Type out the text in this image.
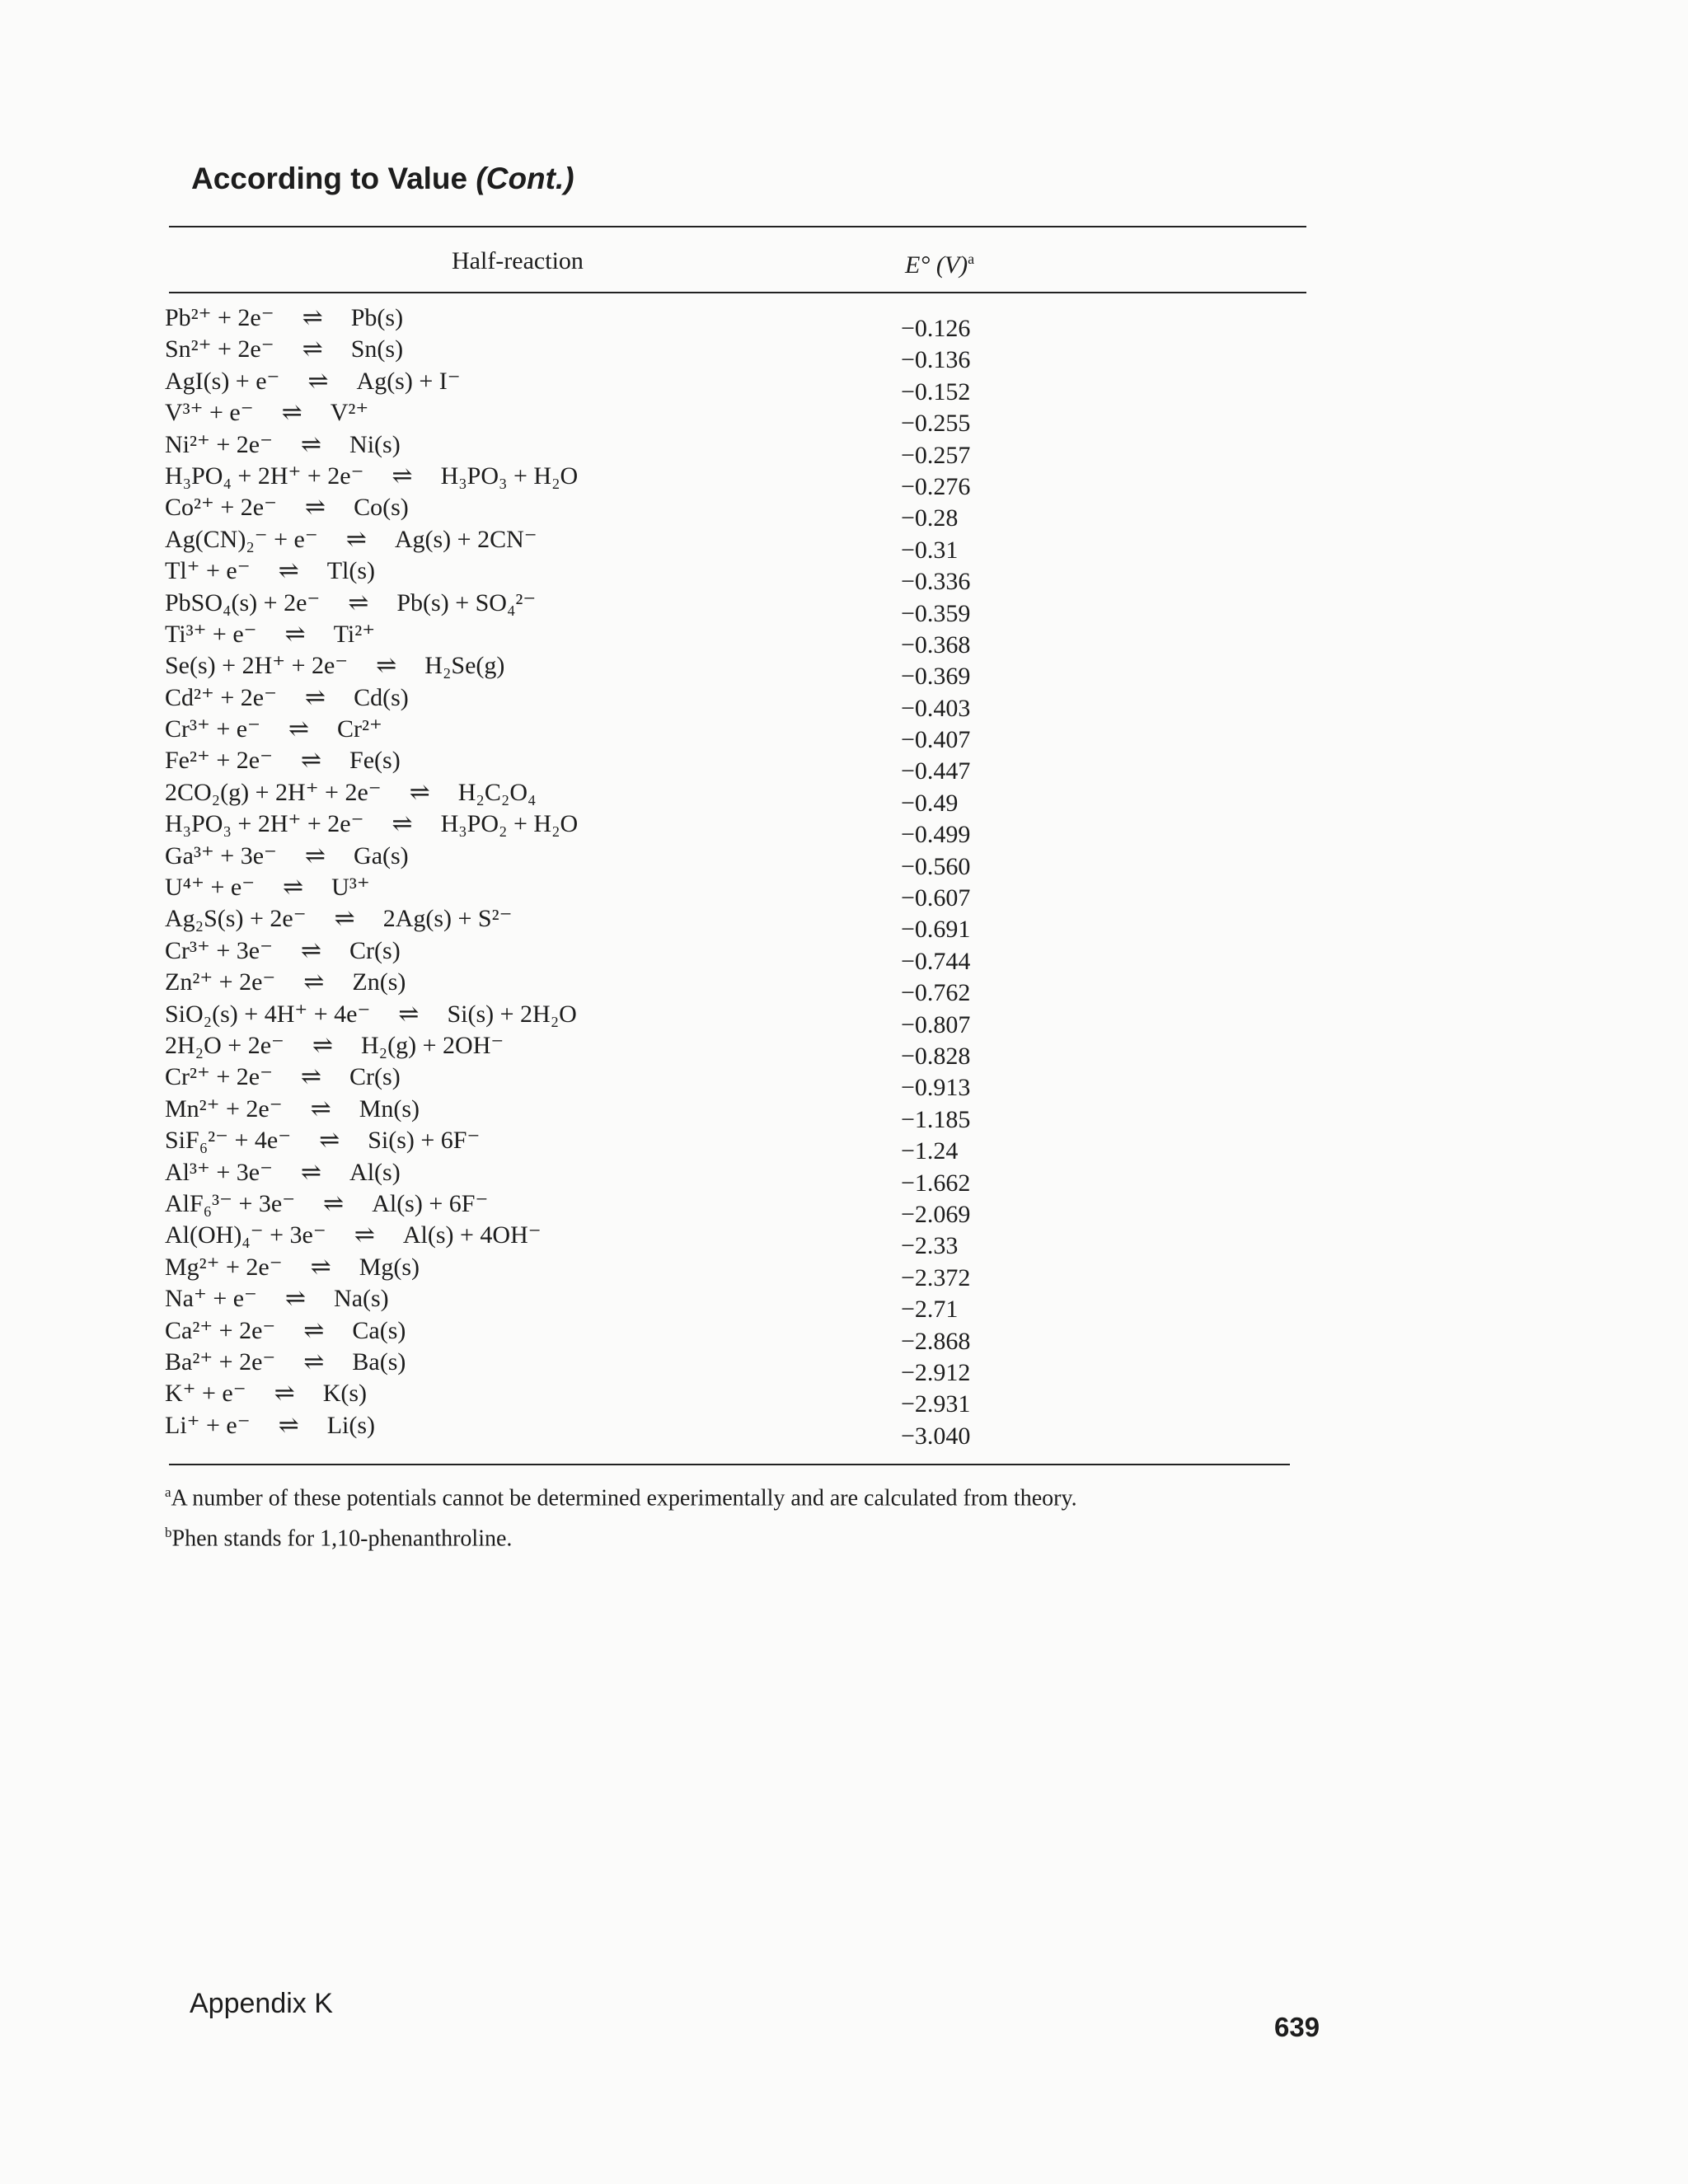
According to Value (Cont.)
Half-reaction	E° $(V)^a$
Pb²⁺ + 2e⁻ ⇌ Pb(s)
Sn²⁺ + 2e⁻ ⇌ Sn(s)
AgI(s) + e⁻ ⇌ Ag(s) + I⁻
V³⁺ + e⁻ ⇌ V²⁺
Ni²⁺ + 2e⁻ ⇌ Ni(s)
H₃PO₄ + 2H⁺ + 2e⁻ ⇌ H₃PO₃ + H₂O
Co²⁺ + 2e⁻ ⇌ Co(s)
Ag(CN)₂⁻ + e⁻ ⇌ Ag(s) + 2CN⁻
Tl⁺ + e⁻ ⇌ Tl(s)
PbSO₄(s) + 2e⁻ ⇌ Pb(s) + SO₄²⁻
Ti³⁺ + e⁻ ⇌ Ti²⁺
Se(s) + 2H⁺ + 2e⁻ ⇌ H₂Se(g)
Cd²⁺ + 2e⁻ ⇌ Cd(s)
Cr³⁺ + e⁻ ⇌ Cr²⁺
Fe²⁺ + 2e⁻ ⇌ Fe(s)
2CO₂(g) + 2H⁺ + 2e⁻ ⇌ H₂C₂O₄
H₃PO₃ + 2H⁺ + 2e⁻ ⇌ H₃PO₂ + H₂O
Ga³⁺ + 3e⁻ ⇌ Ga(s)
U⁴⁺ + e⁻ ⇌ U³⁺
Ag₂S(s) + 2e⁻ ⇌ 2Ag(s) + S²⁻
Cr³⁺ + 3e⁻ ⇌ Cr(s)
Zn²⁺ + 2e⁻ ⇌ Zn(s)
SiO₂(s) + 4H⁺ + 4e⁻ ⇌ Si(s) + 2H₂O
2H₂O + 2e⁻ ⇌ H₂(g) + 2OH⁻
Cr²⁺ + 2e⁻ ⇌ Cr(s)
Mn²⁺ + 2e⁻ ⇌ Mn(s)
SiF₆²⁻ + 4e⁻ ⇌ Si(s) + 6F⁻
Al³⁺ + 3e⁻ ⇌ Al(s)
AlF₆³⁻ + 3e⁻ ⇌ Al(s) + 6F⁻
Al(OH)₄⁻ + 3e⁻ ⇌ Al(s) + 4OH⁻
Mg²⁺ + 2e⁻ ⇌ Mg(s)
Na⁺ + e⁻ ⇌ Na(s)
Ca²⁺ + 2e⁻ ⇌ Ca(s)
Ba²⁺ + 2e⁻ ⇌ Ba(s)
K⁺ + e⁻ ⇌ K(s)
Li⁺ + e⁻ ⇌ Li(s)
−0.126
−0.136
−0.152
−0.255
−0.257
−0.276
−0.28
−0.31
−0.336
−0.359
−0.368
−0.369
−0.403
−0.407
−0.447
−0.49
−0.499
−0.560
−0.607
−0.691
−0.744
−0.762
−0.807
−0.828
−0.913
−1.185
−1.24
−1.662
−2.069
−2.33
−2.372
−2.71
−2.868
−2.912
−2.931
−3.040

$^a$A number of these potentials cannot be determined experimentally and are calculated from theory.

$^b$Phen stands for 1,10-phenanthroline.

Appendix K
639
